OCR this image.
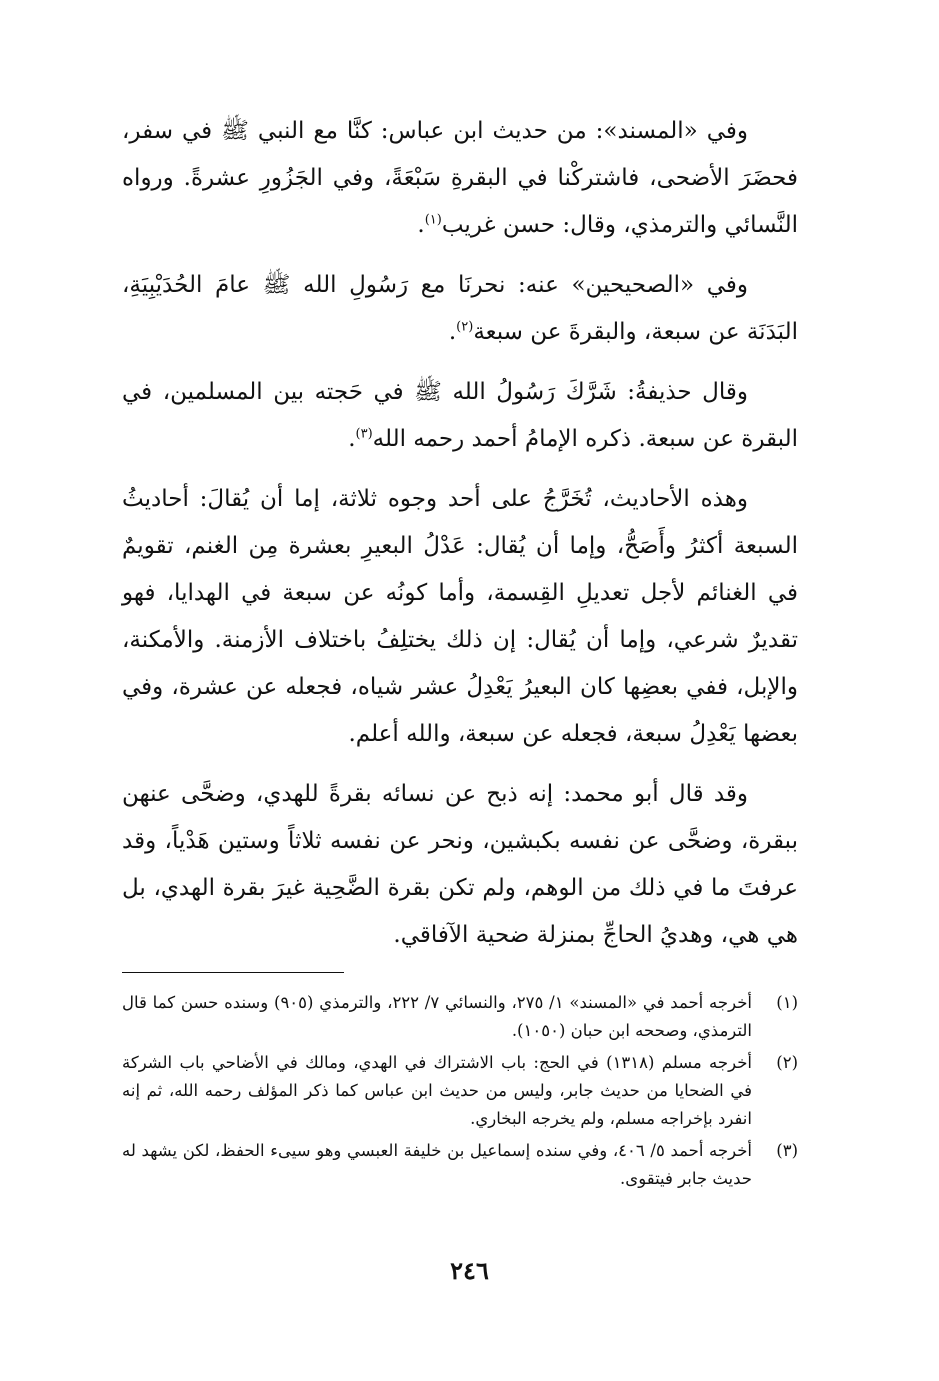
وفي «المسند»: من حديث ابن عباس: كنَّا مع النبي ﷺ في سفر، فحضَرَ الأضحى، فاشتركْنا في البقرةِ سَبْعَةً، وفي الجَزُورِ عشرةً. ورواه النَّسائي والترمذي، وقال: حسن غريب$^{(١)}$.

وفي «الصحيحين» عنه: نحرنَا مع رَسُولِ الله ﷺ عامَ الحُدَيْبِيَةِ، البَدَنَة عن سبعة، والبقرةَ عن سبعة$^{(٢)}$.

وقال حذيفةُ: شَرَّكَ رَسُولُ الله ﷺ في حَجته بين المسلمين، في البقرة عن سبعة. ذكره الإمامُ أحمد رحمه الله$^{(٣)}$.

وهذه الأحاديث، تُخَرَّجُ على أحد وجوه ثلاثة، إما أن يُقالَ: أحاديثُ السبعة أكثرُ وأَصَحُّ، وإما أن يُقال: عَدْلُ البعيرِ بعشرة مِن الغنم، تقويمٌ في الغنائم لأجل تعديلِ القِسمة، وأما كونُه عن سبعة في الهدايا، فهو تقديرٌ شرعي، وإما أن يُقال: إن ذلك يختلِفُ باختلاف الأزمنة. والأمكنة، والإبل، ففي بعضِها كان البعيرُ يَعْدِلُ عشر شياه، فجعله عن عشرة، وفي بعضها يَعْدِلُ سبعة، فجعله عن سبعة، والله أعلم.

وقد قال أبو محمد: إنه ذبح عن نسائه بقرةً للهدي، وضحَّى عنهن ببقرة، وضحَّى عن نفسه بكبشين، ونحر عن نفسه ثلاثاً وستين هَدْياً، وقد عرفتَ ما في ذلك من الوهم، ولم تكن بقرة الضَّحِية غيرَ بقرة الهدي، بل هي هي، وهديُ الحاجِّ بمنزلة ضحية الآفاقي.

(١)
أخرجه أحمد في «المسند» ١/ ٢٧٥، والنسائي ٧/ ٢٢٢، والترمذي (٩٠٥) وسنده حسن كما قال الترمذي، وصححه ابن حبان (١٠٥٠).
(٢)
أخرجه مسلم (١٣١٨) في الحج: باب الاشتراك في الهدي، ومالك في الأضاحي باب الشركة في الضحايا من حديث جابر، وليس من حديث ابن عباس كما ذكر المؤلف رحمه الله، ثم إنه انفرد بإخراجه مسلم، ولم يخرجه البخاري.
(٣)
أخرجه أحمد ٥/ ٤٠٦، وفي سنده إسماعيل بن خليفة العبسي وهو سيىء الحفظ، لكن يشهد له حديث جابر فيتقوى.
٢٤٦
